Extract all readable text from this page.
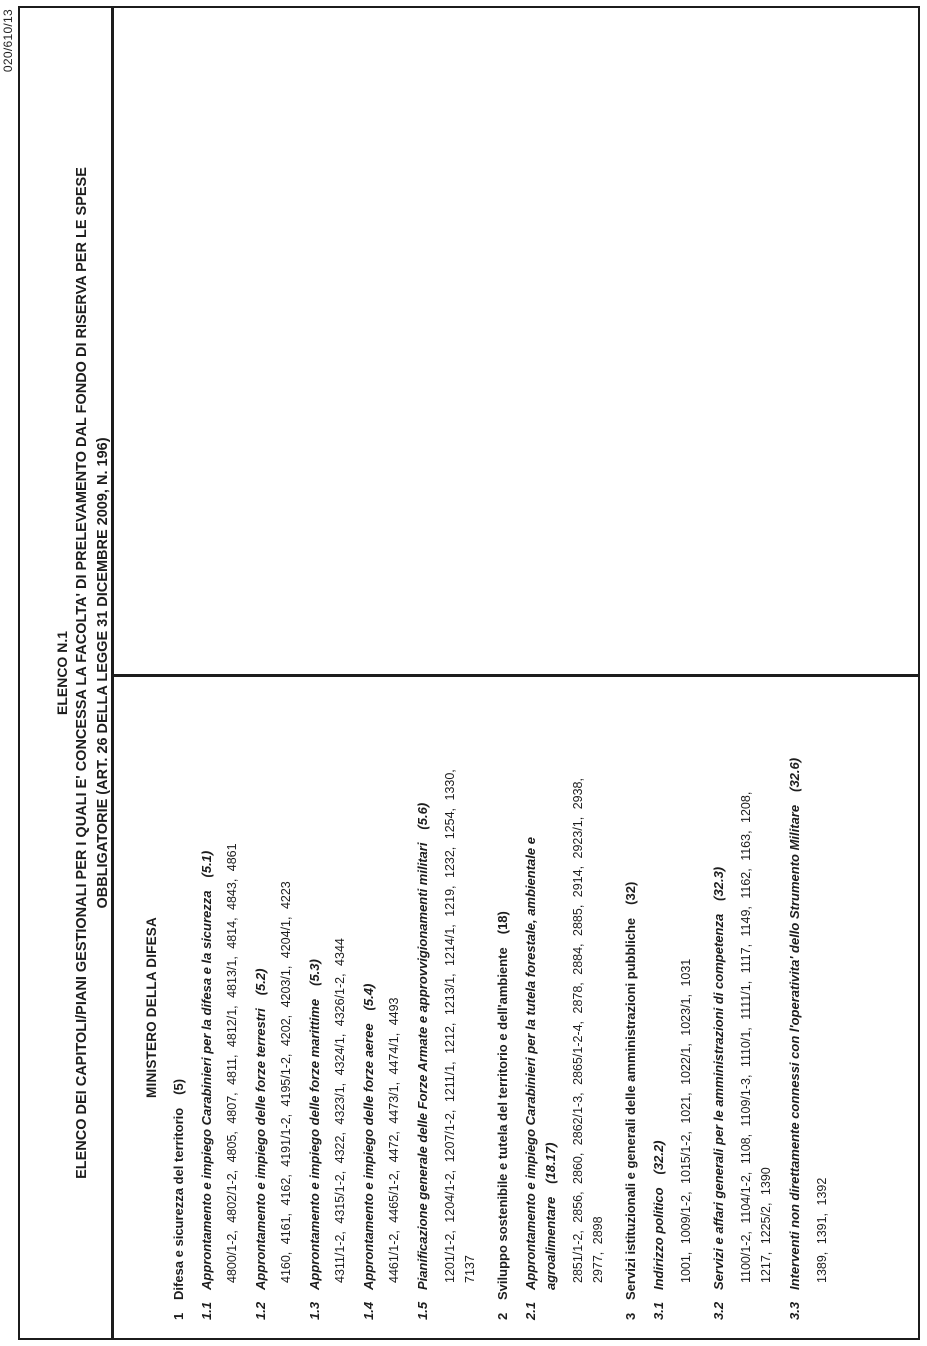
020/610/13
ELENCO N.1 ELENCO DEI CAPITOLI/PIANI GESTIONALI PER I QUALI E' CONCESSA LA FACOLTA' DI PRELEVAMENTO DAL FONDO DI RISERVA PER LE SPESE OBBLIGATORIE (ART. 26 DELLA LEGGE 31 DICEMBRE 2009, N. 196)
MINISTERO DELLA DIFESA
1Difesa e sicurezza del territorio(5)
1.1Approntamento e impiego Carabinieri per la difesa e la sicurezza(5.1) 4800/1-2, 4802/1-2, 4805, 4807, 4811, 4812/1, 4813/1, 4814, 4843, 4861
1.2Approntamento e impiego delle forze terrestri(5.2) 4160, 4161, 4162, 4191/1-2, 4195/1-2, 4202, 4203/1, 4204/1, 4223
1.3Approntamento e impiego delle forze marittime(5.3) 4311/1-2, 4315/1-2, 4322, 4323/1, 4324/1, 4326/1-2, 4344
1.4Approntamento e impiego delle forze aeree(5.4)
4461/1-2, 4465/1-2, 4472, 4473/1, 4474/1, 4493
1.5Pianificazione generale delle Forze Armate e approvvigionamenti militari(5.6) 1201/1-2, 1204/1-2, 1207/1-2, 1211/1, 1212, 1213/1, 1214/1, 1219, 1232, 1254, 1330, 7137
2Sviluppo sostenibile e tutela del territorio e dell'ambiente(18)
2.1Approntamento e impiego Carabinieri per la tutela forestale, ambientale e agroalimentare(18.17) 2851/1-2, 2856, 2860, 2862/1-3, 2865/1-2-4, 2878, 2884, 2885, 2914, 2923/1, 2938, 2977, 2898
3Servizi istituzionali e generali delle amministrazioni pubbliche(32)
3.1Indirizzo politico(32.2) 1001, 1009/1-2, 1015/1-2, 1021, 1022/1, 1023/1, 1031
3.2Servizi e affari generali per le amministrazioni di competenza(32.3) 1100/1-2, 1104/1-2, 1108, 1109/1-3, 1110/1, 1111/1, 1117, 1149, 1162, 1163, 1208, 1217, 1225/2, 1390
3.3Interventi non direttamente connessi con l'operativita' dello Strumento Militare(32.6)
1389, 1391, 1392
